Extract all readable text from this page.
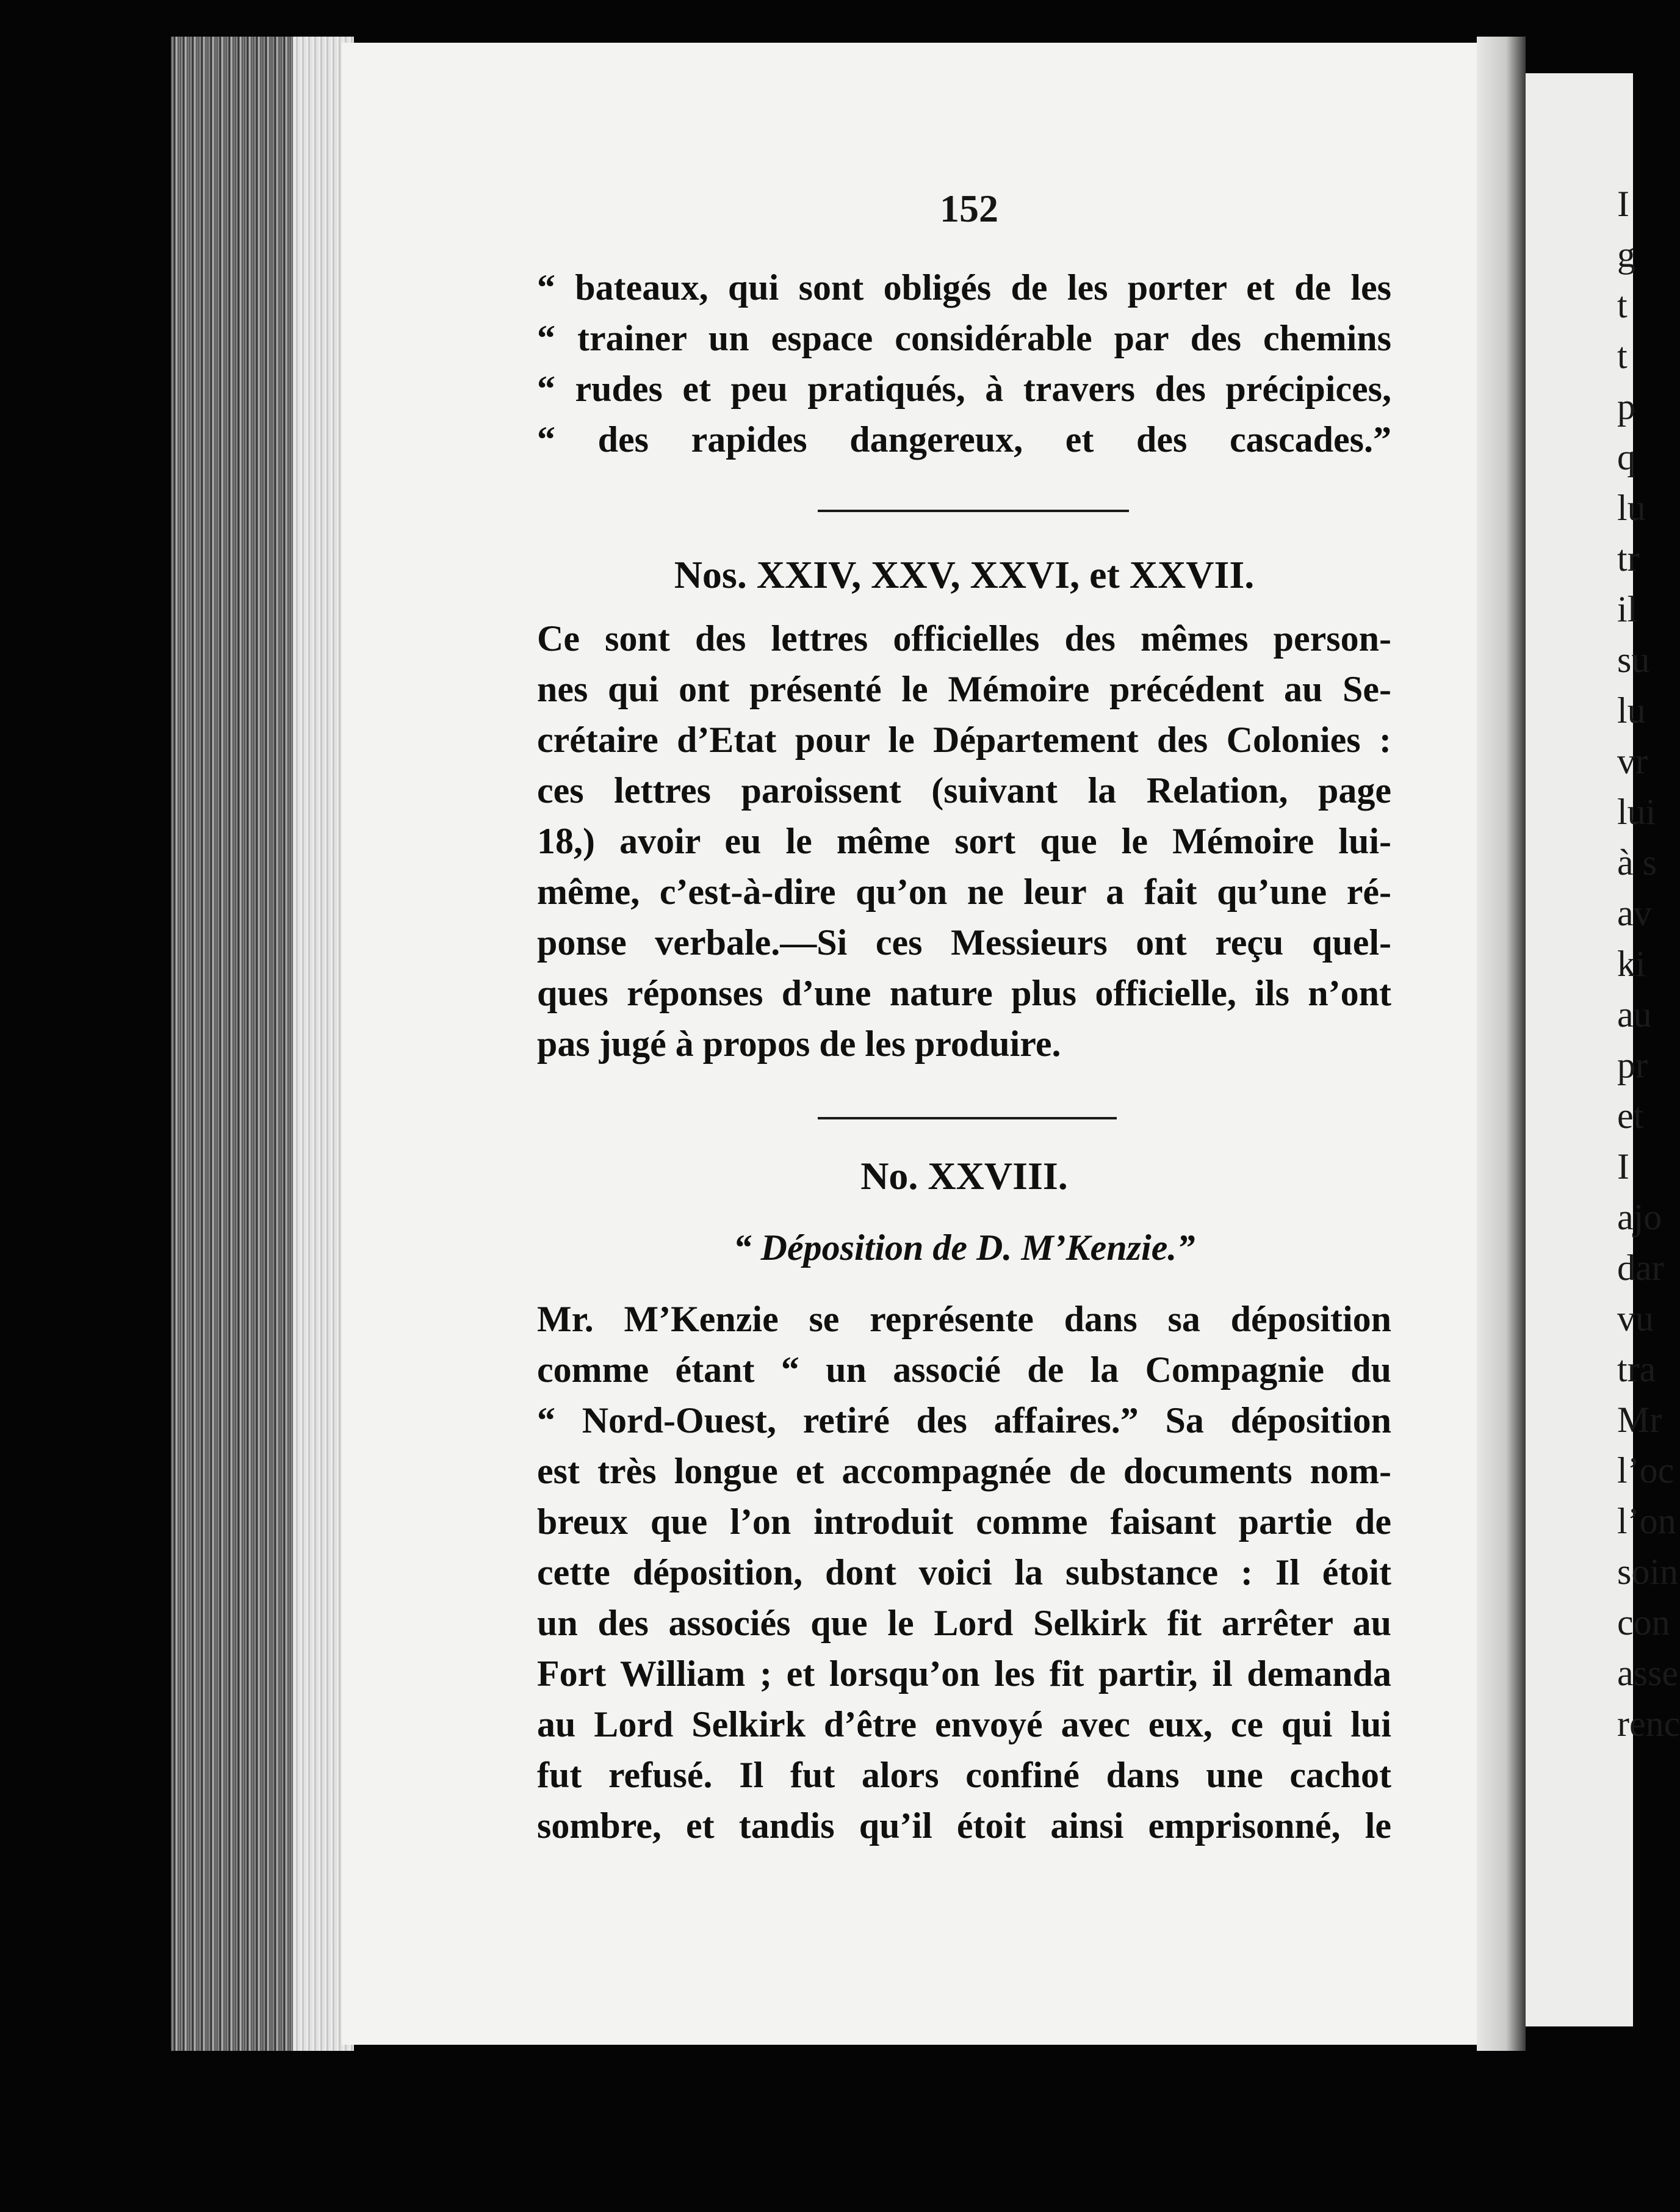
I
g
t
t
p
q
lu
tr
il
su
lu
vr
lui
à s
av
ki
au
pr
et
I
ajo
dar
vu
tra
Mr
l’oc
l’on
soin
con
asse
renc
152

“ bateaux, qui sont obligés de les porter et de les

“ trainer un espace considérable par des chemins

“ rudes et peu pratiqués, à travers des précipices,

“ des rapides dangereux, et des cascades.”

Nos. XXIV, XXV, XXVI, et XXVII.

Ce sont des lettres officielles des mêmes person-

nes qui ont présenté le Mémoire précédent au Se-

crétaire d’Etat pour le Département des Colonies :

ces lettres paroissent (suivant la Relation, page

18,) avoir eu le même sort que le Mémoire lui-

même, c’est-à-dire qu’on ne leur a fait qu’une ré-

ponse verbale.—Si ces Messieurs ont reçu quel-

ques réponses d’une nature plus officielle, ils n’ont

pas jugé à propos de les produire.

No. XXVIII.
“ Déposition de D. M’Kenzie.”

Mr. M’Kenzie se représente dans sa déposition

comme étant “ un associé de la Compagnie du

“ Nord-Ouest, retiré des affaires.” Sa déposition

est très longue et accompagnée de documents nom-

breux que l’on introduit comme faisant partie de

cette déposition, dont voici la substance : Il étoit

un des associés que le Lord Selkirk fit arrêter au

Fort William ; et lorsqu’on les fit partir, il demanda

au Lord Selkirk d’être envoyé avec eux, ce qui lui

fut refusé. Il fut alors confiné dans une cachot

sombre, et tandis qu’il étoit ainsi emprisonné, le
